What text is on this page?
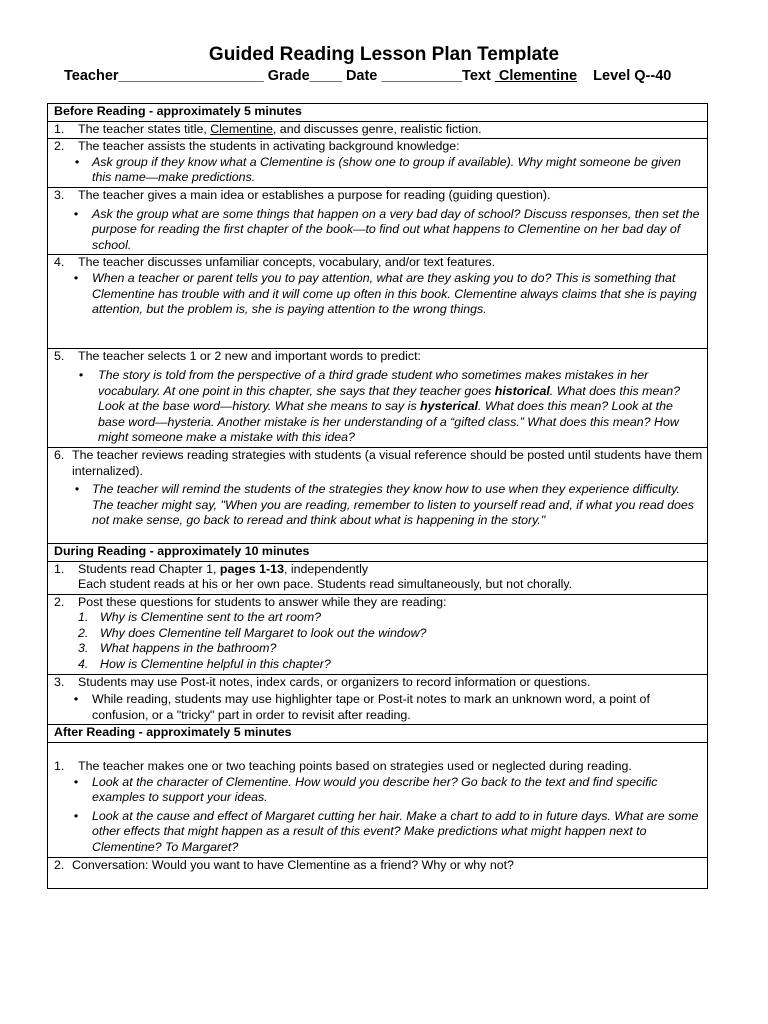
Guided Reading Lesson Plan Template
Teacher__________________ Grade____ Date __________Text Clementine Level Q--40
Before Reading - approximately 5 minutes

1.	The teacher states title, Clementine, and discusses genre, realistic fiction.

2.	The teacher assists the students in activating background knowledge:
•	Ask group if they know what a Clementine is (show one to group if available). Why might someone be given this name—make predictions.

3.	The teacher gives a main idea or establishes a purpose for reading (guiding question).
•	Ask the group what are some things that happen on a very bad day of school? Discuss responses, then set the purpose for reading the first chapter of the book—to find out what happens to Clementine on her bad day of school.

4.	The teacher discusses unfamiliar concepts, vocabulary, and/or text features.
•	When a teacher or parent tells you to pay attention, what are they asking you to do? This is something that Clementine has trouble with and it will come up often in this book. Clementine always claims that she is paying attention, but the problem is, she is paying attention to the wrong things.

5.	The teacher selects 1 or 2 new and important words to predict:
•	The story is told from the perspective of a third grade student who sometimes makes mistakes in her vocabulary. At one point in this chapter, she says that they teacher goes historical. What does this mean? Look at the base word—history. What she means to say is hysterical. What does this mean? Look at the base word—hysteria. Another mistake is her understanding of a “gifted class.” What does this mean? How might someone make a mistake with this idea?

6. The teacher reviews reading strategies with students (a visual reference should be posted until students have them internalized).
•	The teacher will remind the students of the strategies they know how to use when they experience difficulty. The teacher might say, "When you are reading, remember to listen to yourself read and, if what you read does not make sense, go back to reread and think about what is happening in the story."

During Reading - approximately 10 minutes

1.	Students read Chapter 1, pages 1-13, independently
Each student reads at his or her own pace. Students read simultaneously, but not chorally.

2.	Post these questions for students to answer while they are reading:
1. Why is Clementine sent to the art room?
2. Why does Clementine tell Margaret to look out the window?
3. What happens in the bathroom?
4. How is Clementine helpful in this chapter?

3.	Students may use Post-it notes, index cards, or organizers to record information or questions.
•	While reading, students may use highlighter tape or Post-it notes to mark an unknown word, a point of confusion, or a "tricky" part in order to revisit after reading.

After Reading - approximately 5 minutes

1.	The teacher makes one or two teaching points based on strategies used or neglected during reading.
•	Look at the character of Clementine. How would you describe her? Go back to the text and find specific examples to support your ideas.
•	Look at the cause and effect of Margaret cutting her hair. Make a chart to add to in future days. What are some other effects that might happen as a result of this event? Make predictions what might happen next to Clementine? To Margaret?

2. Conversation: Would you want to have Clementine as a friend? Why or why not?
